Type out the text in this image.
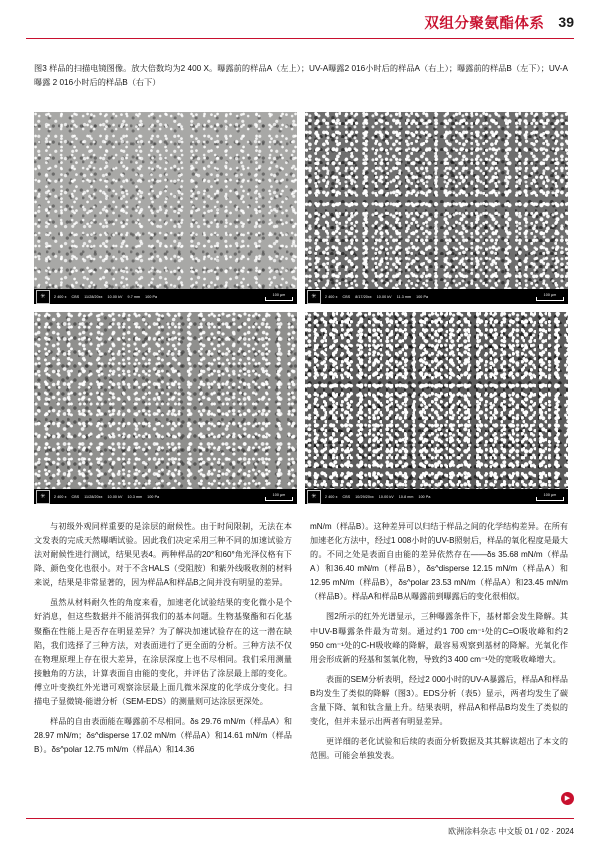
双组分聚氨酯体系 39
图3 样品的扫描电镜图像。放大倍数均为2 400 X。曝露前的样品A（左上）；UV-A曝露2 016小时后的样品A（右上）；曝露前的样品B（左下）；UV-A曝露 2 016小时后的样品B（右下）
✳	2 400 x CBS 11/28/20xx 10.00 kV 9.7 mm 100 Pa	100 µm	✳	2 400 x CBS 8/17/20xx 10.00 kV 11.3 mm 100 Pa	100 µm
✳	2 400 x CBS 11/28/20xx 10.00 kV 10.3 mm 100 Pa	100 µm	✳	2 400 x CBS 10/29/20xx 10.00 kV 10.8 mm 100 Pa	100 µm

与初级外观同样重要的是涂层的耐候性。由于时间限制，无法在本文发表的完成天然曝晒试验。因此我们决定采用三种不同的加速试验方法对耐候性进行测试，结果见表4。两种样品的20°和60°角光泽仪格有下降、颜色变化也很小。对于不含HALS（受阻胺）和紫外线吸收剂的材料来说，结果是非常显著的，因为样品A和样品B之间并没有明显的差异。

虽然从材料耐久性的角度来看，加速老化试验结果的变化微小是个好消息，但这些数据并不能消弭我们的基本问题。生物基聚酯和石化基聚酯在性能上是否存在明显差异？为了解决加速试验存在的这一潜在缺陷，我们选择了三种方法，对表面进行了更全面的分析。三种方法不仅在物理原理上存在很大差异，在涂层深度上也不尽相同。我们采用测量接触角的方法，计算表面自由能的变化，并评估了涂层最上部的变化。傅立叶变换红外光谱可观察涂层最上面几微米深度的化学成分变化。扫描电子显微镜-能谱分析（SEM-EDS）的测量则可达涂层更深处。

样品的自由表面能在曝露前不尽相同。δs 29.76 mN/m（样品A）和28.97 mN/m；δs^disperse 17.02 mN/m（样品A）和14.61 mN/m（样品B）。δs^polar 12.75 mN/m（样品A）和14.36

mN/m（样品B）。这种差异可以归结于样品之间的化学结构差异。在所有加速老化方法中，经过1 008小时的UV-B照射后，样品的氧化程度是最大的。不同之处是表面自由能的差异依然存在——δs 35.68 mN/m（样品A）和36.40 mN/m（样品B），δs^disperse 12.15 mN/m（样品A）和12.95 mN/m（样品B），δs^polar 23.53 mN/m（样品A）和23.45 mN/m（样品B）。样品A和样品B从曝露前到曝露后的变化很相似。

图2所示的红外光谱显示，三种曝露条件下，基材都会发生降解。其中UV-B曝露条件最为苛刻。通过约1 700 cm⁻¹处的C=O吸收峰和约2 950 cm⁻¹处的C-H吸收峰的降解，最容易观察到基材的降解。光氧化作用会形成新的羟基和氢氧化物，导致约3 400 cm⁻¹处的宽吸收峰增大。

表面的SEM分析表明，经过2 000小时的UV-A暴露后，样品A和样品B均发生了类似的降解（图3）。EDS分析（表5）显示，两者均发生了碳含量下降、氧和钛含量上升。结果表明，样品A和样品B均发生了类似的变化，但并未显示出两者有明显差异。

更详细的老化试验和后续的表面分析数据及其其解读超出了本文的范围。可能会单独发表。

▶
欧洲涂料杂志 中文版 01 / 02 · 2024
